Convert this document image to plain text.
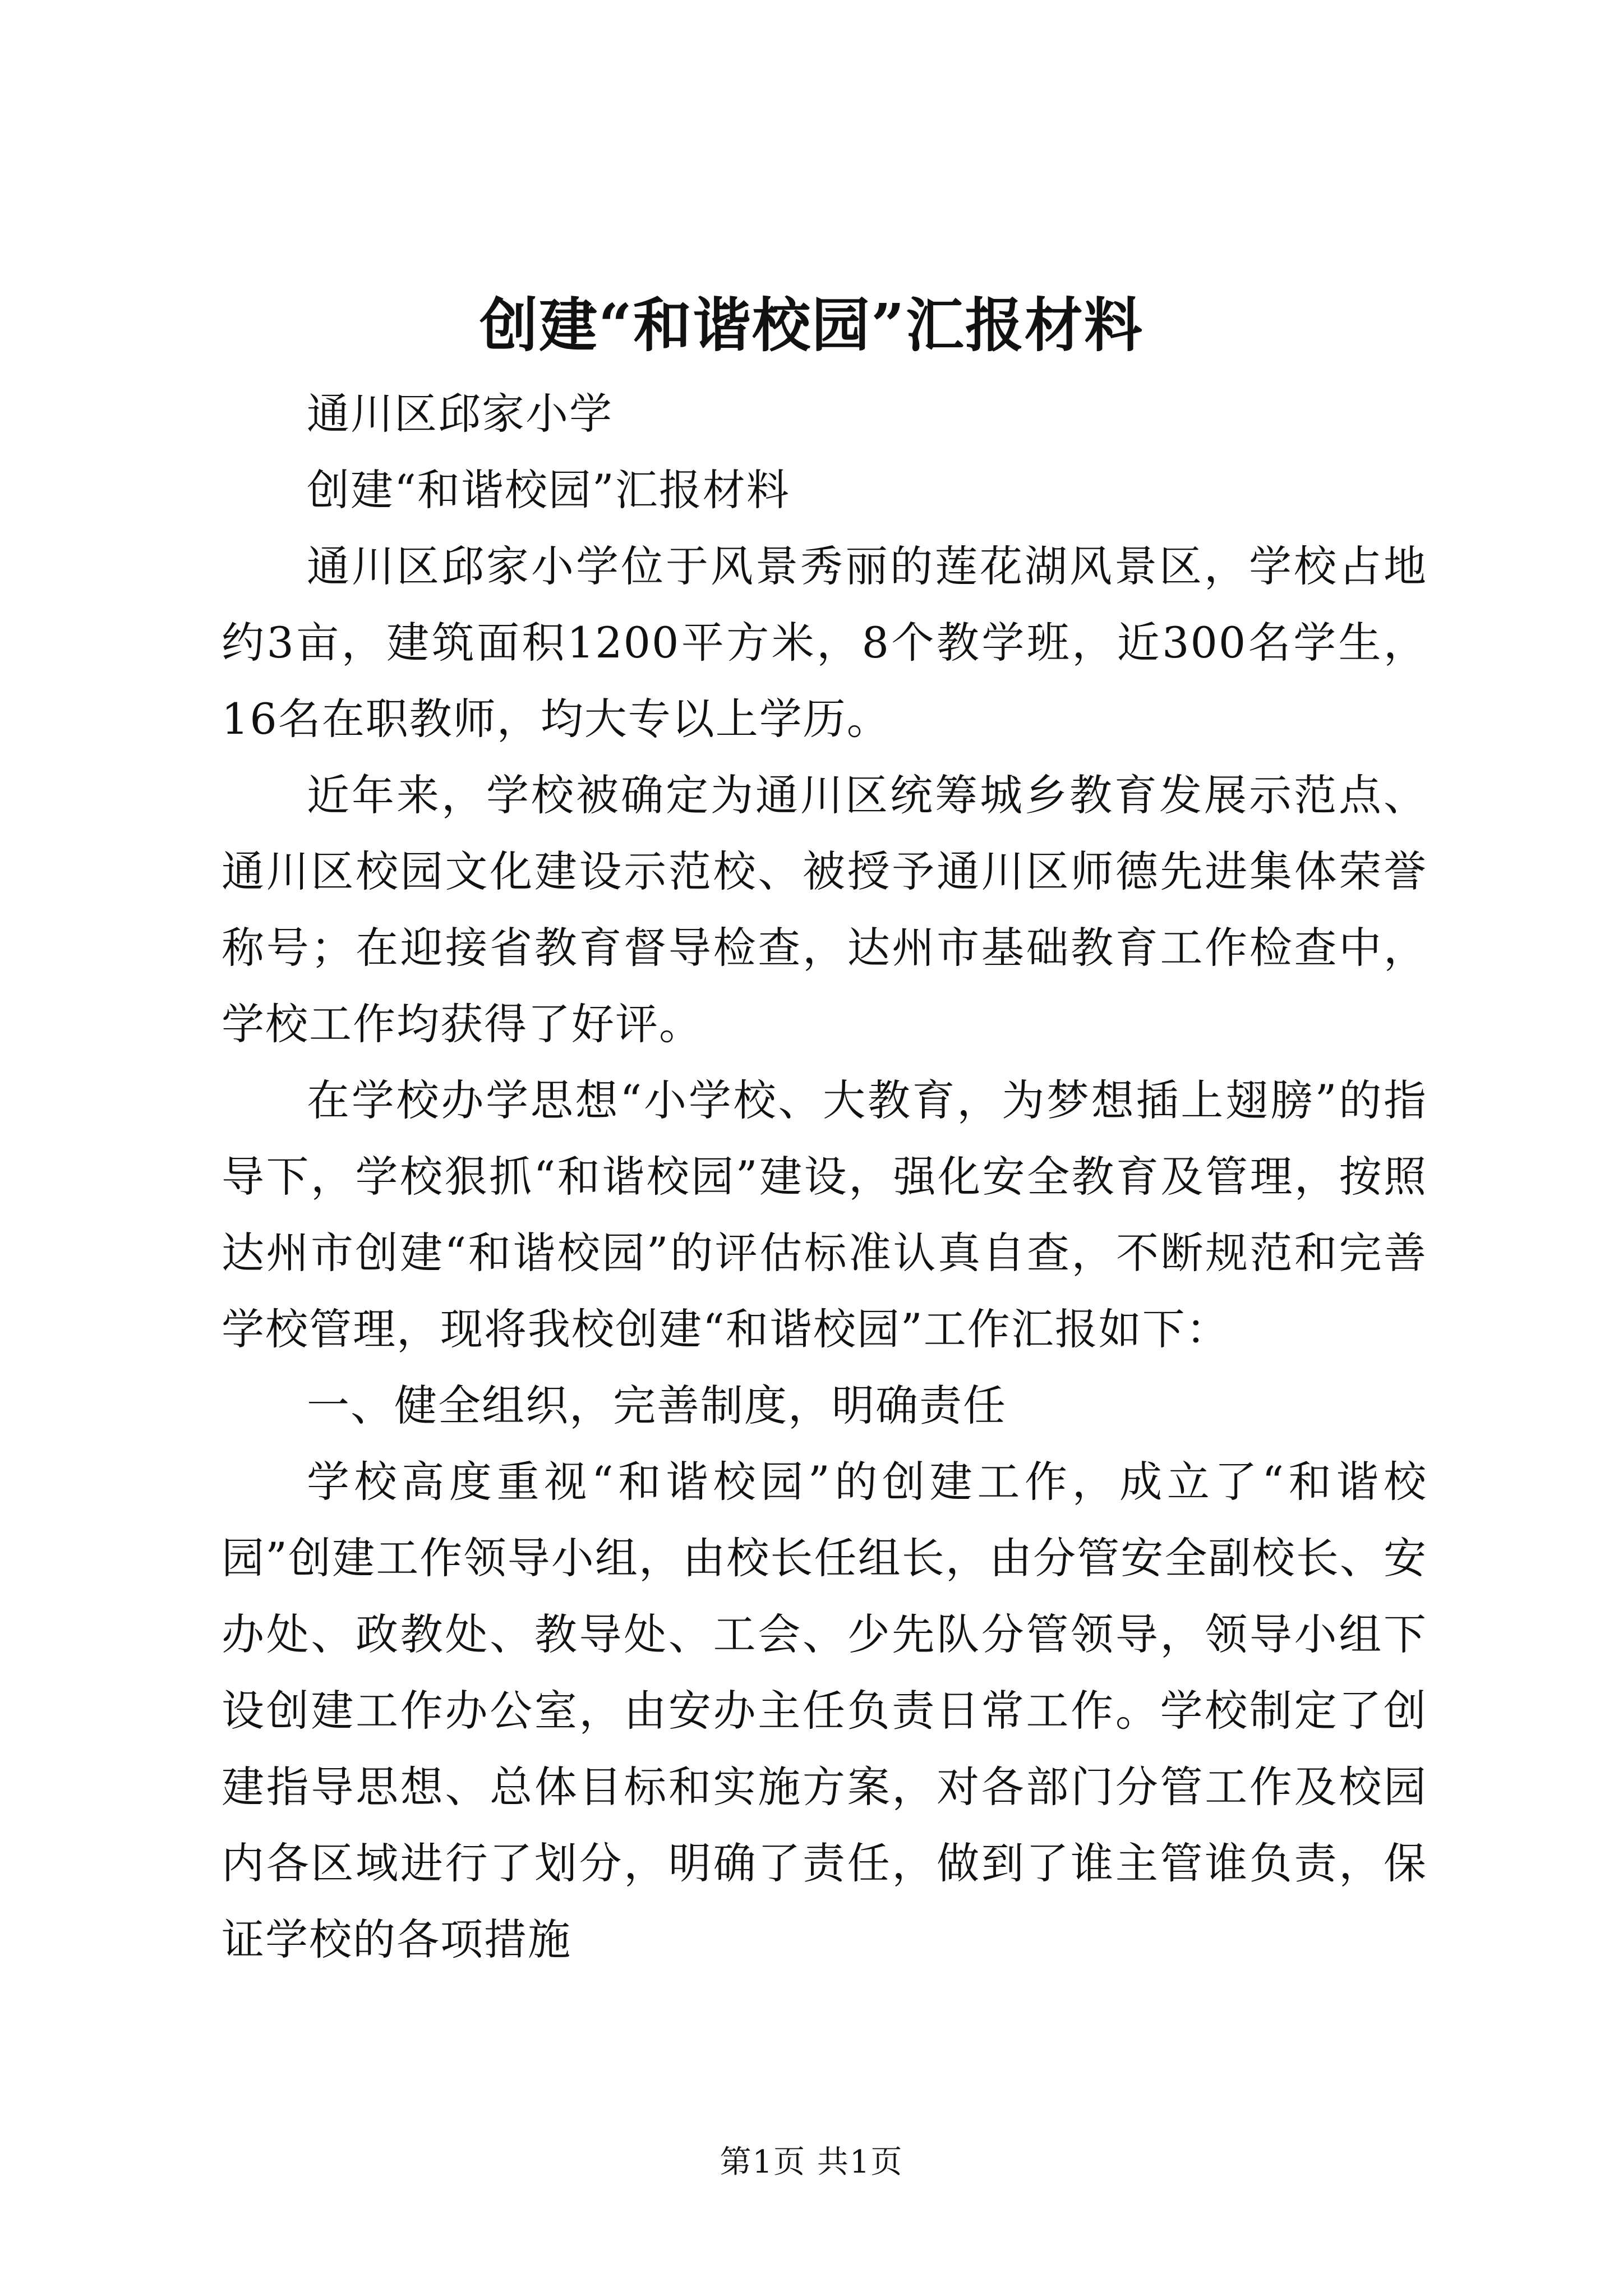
创建“和谐校园”汇报材料

通川区邱家小学

创建“和谐校园”汇报材料

通川区邱家小学位于风景秀丽的莲花湖风景区，学校占地约3亩，建筑面积1200平方米，8个教学班，近300名学生，16名在职教师，均大专以上学历。

近年来，学校被确定为通川区统筹城乡教育发展示范点、通川区校园文化建设示范校、被授予通川区师德先进集体荣誉称号；在迎接省教育督导检查，达州市基础教育工作检查中，学校工作均获得了好评。

在学校办学思想“小学校、大教育，为梦想插上翅膀”的指导下，学校狠抓“和谐校园”建设，强化安全教育及管理，按照达州市创建“和谐校园”的评估标准认真自查，不断规范和完善学校管理，现将我校创建“和谐校园”工作汇报如下：

一、健全组织，完善制度，明确责任

学校高度重视“和谐校园”的创建工作，成立了“和谐校园”创建工作领导小组，由校长任组长，由分管安全副校长、安办处、政教处、教导处、工会、少先队分管领导，领导小组下设创建工作办公室，由安办主任负责日常工作。学校制定了创建指导思想、总体目标和实施方案，对各部门分管工作及校园内各区域进行了划分，明确了责任，做到了谁主管谁负责，保证学校的各项措施

第1页 共1页
